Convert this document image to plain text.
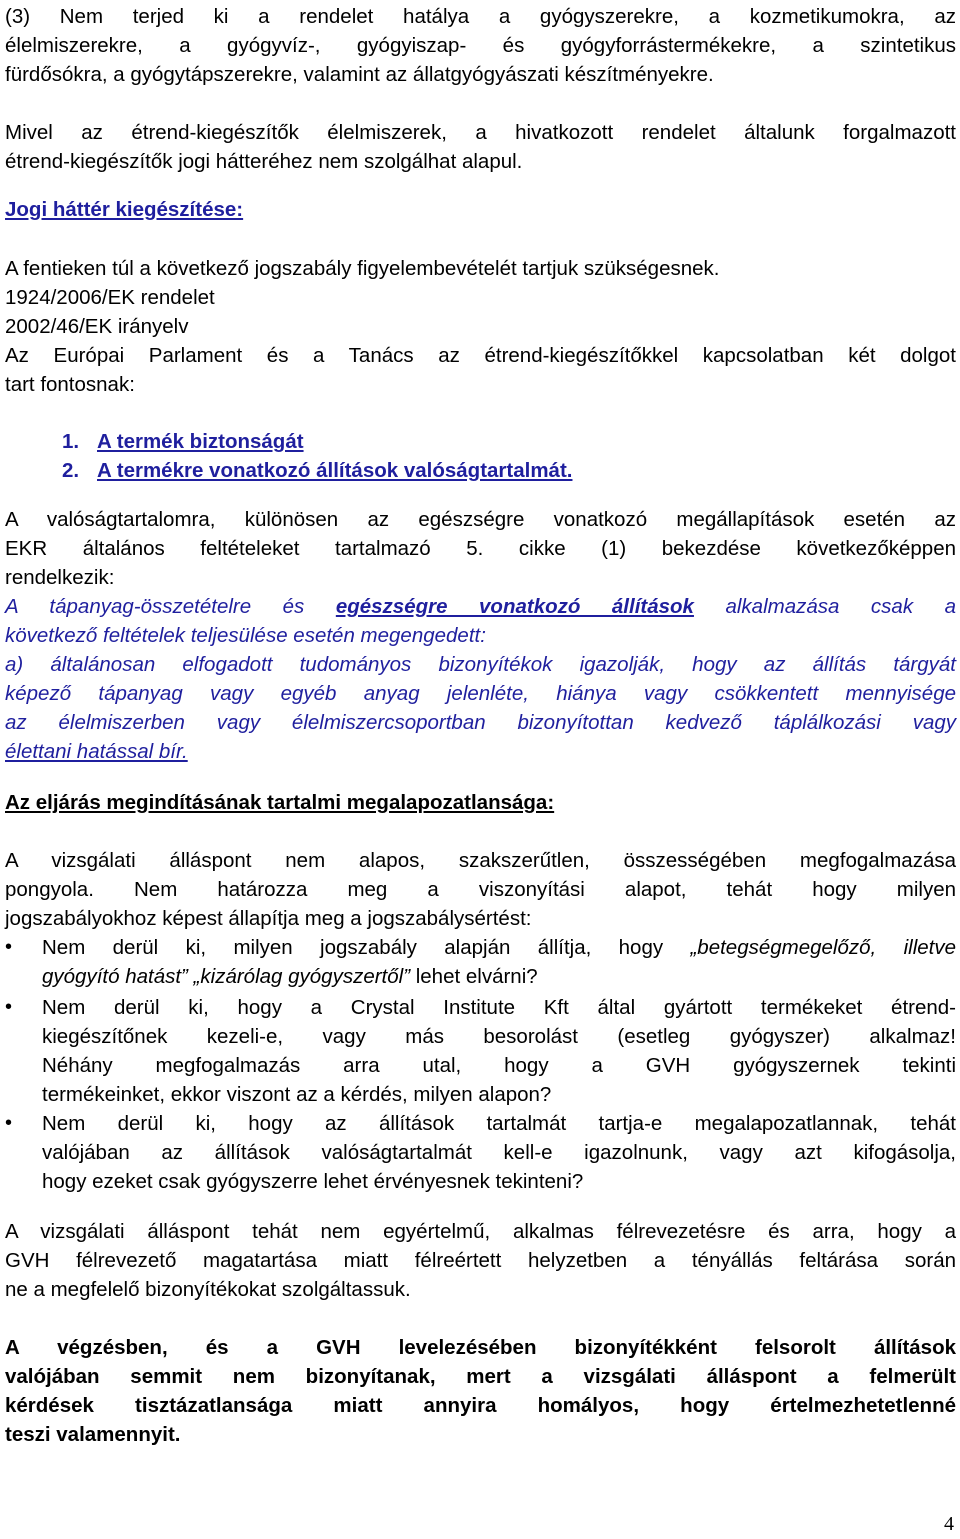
(3) Nem terjed ki a rendelet hatálya a gyógyszerekre, a kozmetikumokra, az
élelmiszerekre, a gyógyvíz-, gyógyiszap- és gyógyforrástermékekre, a szintetikus
fürdősókra, a gyógytápszerekre, valamint az állatgyógyászati készítményekre.
Mivel az étrend-kiegészítők élelmiszerek, a hivatkozott rendelet általunk forgalmazott
étrend-kiegészítők jogi hátteréhez nem szolgálhat alapul.
Jogi háttér kiegészítése:
A fentieken túl a következő jogszabály figyelembevételét tartjuk szükségesnek.
1924/2006/EK rendelet
2002/46/EK irányelv
Az Európai Parlament és a Tanács az étrend-kiegészítőkkel kapcsolatban két dolgot
tart fontosnak:
1. A termék biztonságát
2. A termékre vonatkozó állítások valóságtartalmát.
A valóságtartalomra, különösen az egészségre vonatkozó megállapítások esetén az
EKR általános feltételeket tartalmazó 5. cikke (1) bekezdése következőképpen
rendelkezik:
A tápanyag-összetételre és egészségre vonatkozó állítások alkalmazása csak a
következő feltételek teljesülése esetén megengedett:
a) általánosan elfogadott tudományos bizonyítékok igazolják, hogy az állítás tárgyát
képező tápanyag vagy egyéb anyag jelenléte, hiánya vagy csökkentett mennyisége
az élelmiszerben vagy élelmiszercsoportban bizonyítottan kedvező táplálkozási vagy
élettani hatással bír.
Az eljárás megindításának tartalmi megalapozatlansága:
A vizsgálati álláspont nem alapos, szakszerűtlen, összességében megfogalmazása
pongyola. Nem határozza meg a viszonyítási alapot, tehát hogy milyen
jogszabályokhoz képest állapítja meg a jogszabálysértést:
•	Nem derül ki, milyen jogszabály alapján állítja, hogy „betegségmegelőző, illetve
gyógyító hatást” „kizárólag gyógyszertől” lehet elvárni?
•	Nem derül ki, hogy a Crystal Institute Kft által gyártott termékeket étrend-
kiegészítőnek kezeli-e, vagy más besorolást (esetleg gyógyszer) alkalmaz!
Néhány megfogalmazás arra utal, hogy a GVH gyógyszernek tekinti
termékeinket, ekkor viszont az a kérdés, milyen alapon?
•	Nem derül ki, hogy az állítások tartalmát tartja-e megalapozatlannak, tehát
valójában az állítások valóságtartalmát kell-e igazolnunk, vagy azt kifogásolja,
hogy ezeket csak gyógyszerre lehet érvényesnek tekinteni?
A vizsgálati álláspont tehát nem egyértelmű, alkalmas félrevezetésre és arra, hogy a
GVH félrevezető magatartása miatt félreértett helyzetben a tényállás feltárása során
ne a megfelelő bizonyítékokat szolgáltassuk.
A végzésben, és a GVH levelezésében bizonyítékként felsorolt állítások
valójában semmit nem bizonyítanak, mert a vizsgálati álláspont a felmerült
kérdések tisztázatlansága miatt annyira homályos, hogy értelmezhetetlenné
teszi valamennyit.
4
